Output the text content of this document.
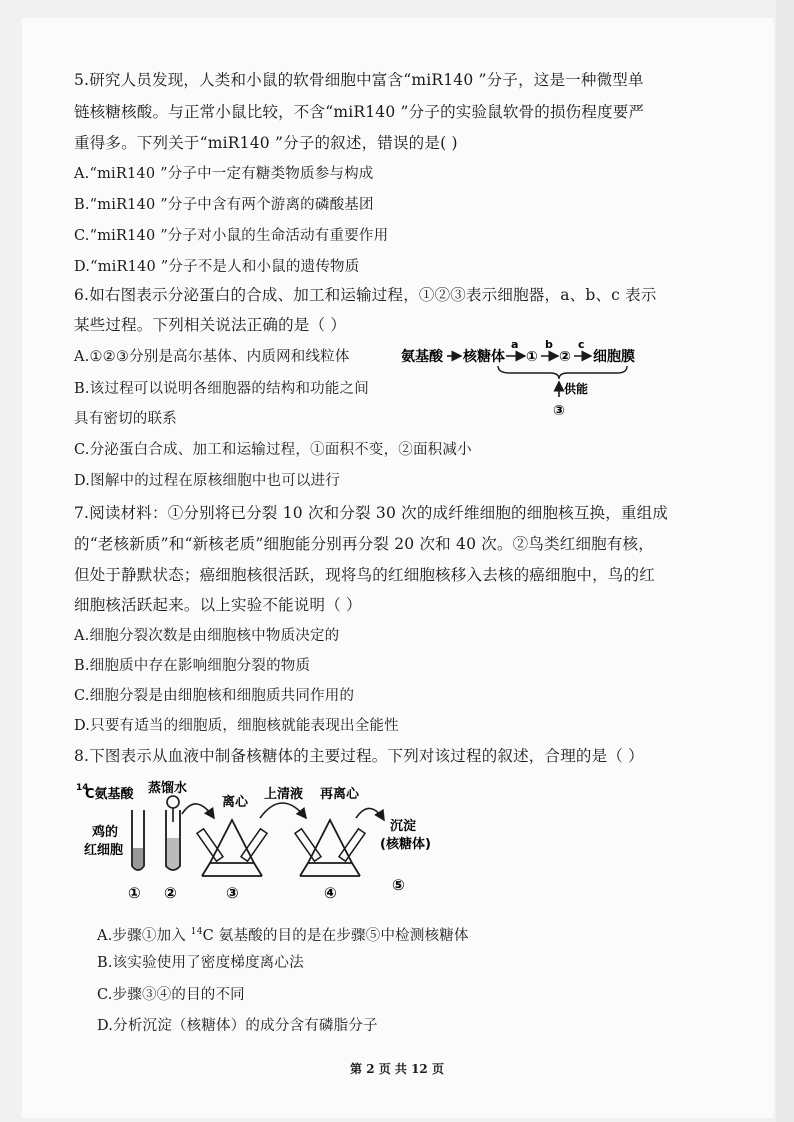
5.研究人员发现，人类和小鼠的软骨细胞中富含“miR140 ”分子，这是一种微型单
链核糖核酸。与正常小鼠比较，不含“miR140 ”分子的实验鼠软骨的损伤程度要严
重得多。下列关于“miR140 ”分子的叙述，错误的是( )
A.“miR140 ”分子中一定有糖类物质参与构成
B.“miR140 ”分子中含有两个游离的磷酸基团
C.“miR140 ”分子对小鼠的生命活动有重要作用
D.“miR140 ”分子不是人和小鼠的遗传物质
6.如右图表示分泌蛋白的合成、加工和运输过程，①②③表示细胞器，a、b、c 表示
某些过程。下列相关说法正确的是（ ）
A.①②③分别是高尔基体、内质网和线粒体
B.该过程可以说明各细胞器的结构和功能之间
具有密切的联系
C.分泌蛋白合成、加工和运输过程，①面积不变，②面积减小
D.图解中的过程在原核细胞中也可以进行
氨基酸 核糖体
a
①
b
②
c
细胞膜
供能
③
7.阅读材料：①分别将已分裂 10 次和分裂 30 次的成纤维细胞的细胞核互换，重组成
的“老核新质”和“新核老质”细胞能分别再分裂 20 次和 40 次。②鸟类红细胞有核，
但处于静默状态；癌细胞核很活跃，现将鸟的红细胞核移入去核的癌细胞中，鸟的红
细胞核活跃起来。以上实验不能说明（ ）
A.细胞分裂次数是由细胞核中物质决定的
B.细胞质中存在影响细胞分裂的物质
C.细胞分裂是由细胞核和细胞质共同作用的
D.只要有适当的细胞质，细胞核就能表现出全能性
8.下图表示从血液中制备核糖体的主要过程。下列对该过程的叙述，合理的是（ ）
14
C氨基酸 蒸馏水
离心
上清液 再离心
鸡的
红细胞
沉淀
(核糖体)
① ②	③	④	⑤
A.步骤①加入 $^{14}$C 氨基酸的目的是在步骤⑤中检测核糖体
B.该实验使用了密度梯度离心法
C.步骤③④的目的不同
D.分析沉淀（核糖体）的成分含有磷脂分子
第 2 页 共 12 页
